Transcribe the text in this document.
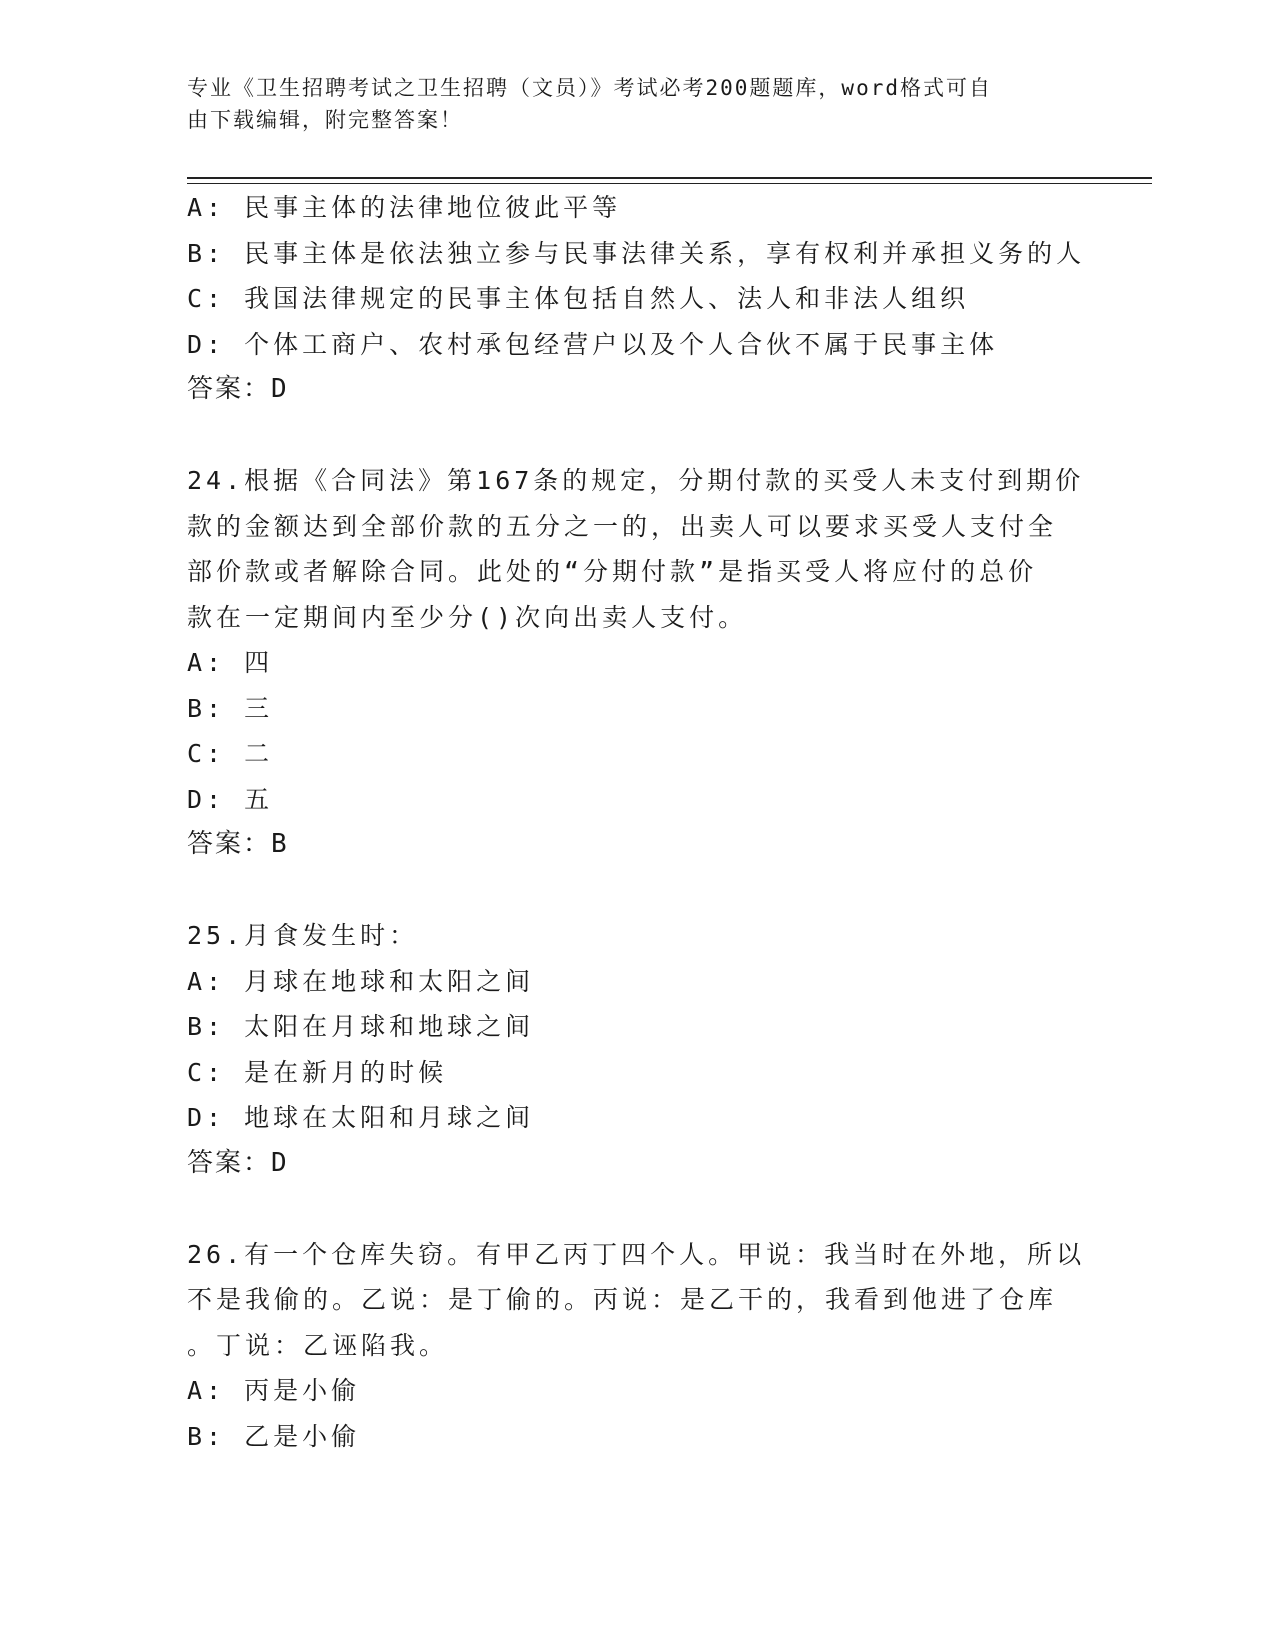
专业《卫生招聘考试之卫生招聘（文员）》考试必考200题题库，word格式可自
由下载编辑，附完整答案！
A: 民事主体的法律地位彼此平等
B: 民事主体是依法独立参与民事法律关系，享有权利并承担义务的人
C: 我国法律规定的民事主体包括自然人、法人和非法人组织
D: 个体工商户、农村承包经营户以及个人合伙不属于民事主体
答案：D
24.根据《合同法》第167条的规定，分期付款的买受人未支付到期价
款的金额达到全部价款的五分之一的，出卖人可以要求买受人支付全
部价款或者解除合同。此处的“分期付款”是指买受人将应付的总价
款在一定期间内至少分()次向出卖人支付。
A: 四
B: 三
C: 二
D: 五
答案：B
25.月食发生时：
A: 月球在地球和太阳之间
B: 太阳在月球和地球之间
C: 是在新月的时候
D: 地球在太阳和月球之间
答案：D
26.有一个仓库失窃。有甲乙丙丁四个人。甲说：我当时在外地，所以
不是我偷的。乙说：是丁偷的。丙说：是乙干的，我看到他进了仓库
。丁说：乙诬陷我。
A: 丙是小偷
B: 乙是小偷
